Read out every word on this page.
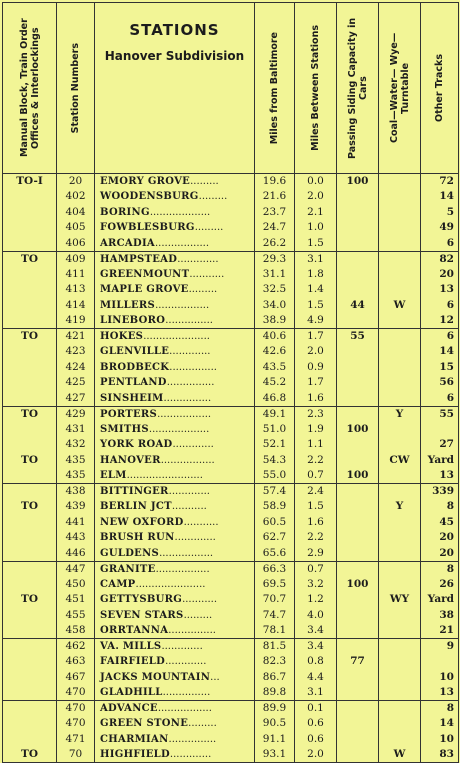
Manual Block, Train Order Offices & Interlockings	Station Numbers	STATIONS
Hanover Subdivision	Miles from Baltimore	Miles Between Stations	Passing Siding Capacity in Cars	Coal—Water— Wye—Turntable	Other Tracks

TO-I	20	EMORY GROVE.........	19.6	0.0	100		72
	402	WOODENSBURG.........	21.6	2.0			14
	404	BORING...................	23.7	2.1			5
	405	FOWBLESBURG.........	24.7	1.0			49
	406	ARCADIA.................	26.2	1.5			6
TO	409	HAMPSTEAD.............	29.3	3.1			82
	411	GREENMOUNT...........	31.1	1.8			20
	413	MAPLE GROVE.........	32.5	1.4			13
	414	MILLERS.................	34.0	1.5	44	W	6
	419	LINEBORO...............	38.9	4.9			12
TO	421	HOKES.....................	40.6	1.7	55		6
	423	GLENVILLE.............	42.6	2.0			14
	424	BRODBECK...............	43.5	0.9			15
	425	PENTLAND...............	45.2	1.7			56
	427	SINSHEIM...............	46.8	1.6			6
TO	429	PORTERS.................	49.1	2.3		Y	55
	431	SMITHS...................	51.0	1.9	100		
	432	YORK ROAD.............	52.1	1.1			27
TO	435	HANOVER.................	54.3	2.2		CW	Yard
	435	ELM........................	55.0	0.7	100		13
	438	BITTINGER.............	57.4	2.4			339
TO	439	BERLIN JCT...........	58.9	1.5		Y	8
	441	NEW OXFORD...........	60.5	1.6			45
	443	BRUSH RUN.............	62.7	2.2			20
	446	GULDENS.................	65.6	2.9			20
	447	GRANITE.................	66.3	0.7			8
	450	CAMP......................	69.5	3.2	100		26
TO	451	GETTYSBURG...........	70.7	1.2		WY	Yard
	455	SEVEN STARS.........	74.7	4.0			38
	458	ORRTANNA...............	78.1	3.4			21
	462	VA. MILLS.............	81.5	3.4			9
	463	FAIRFIELD.............	82.3	0.8	77		
	467	JACKS MOUNTAIN...	86.7	4.4			10
	470	GLADHILL...............	89.8	3.1			13
	470	ADVANCE.................	89.9	0.1			8
	470	GREEN STONE.........	90.5	0.6			14
	471	CHARMIAN...............	91.1	0.6			10
TO	70	HIGHFIELD.............	93.1	2.0		W	83
